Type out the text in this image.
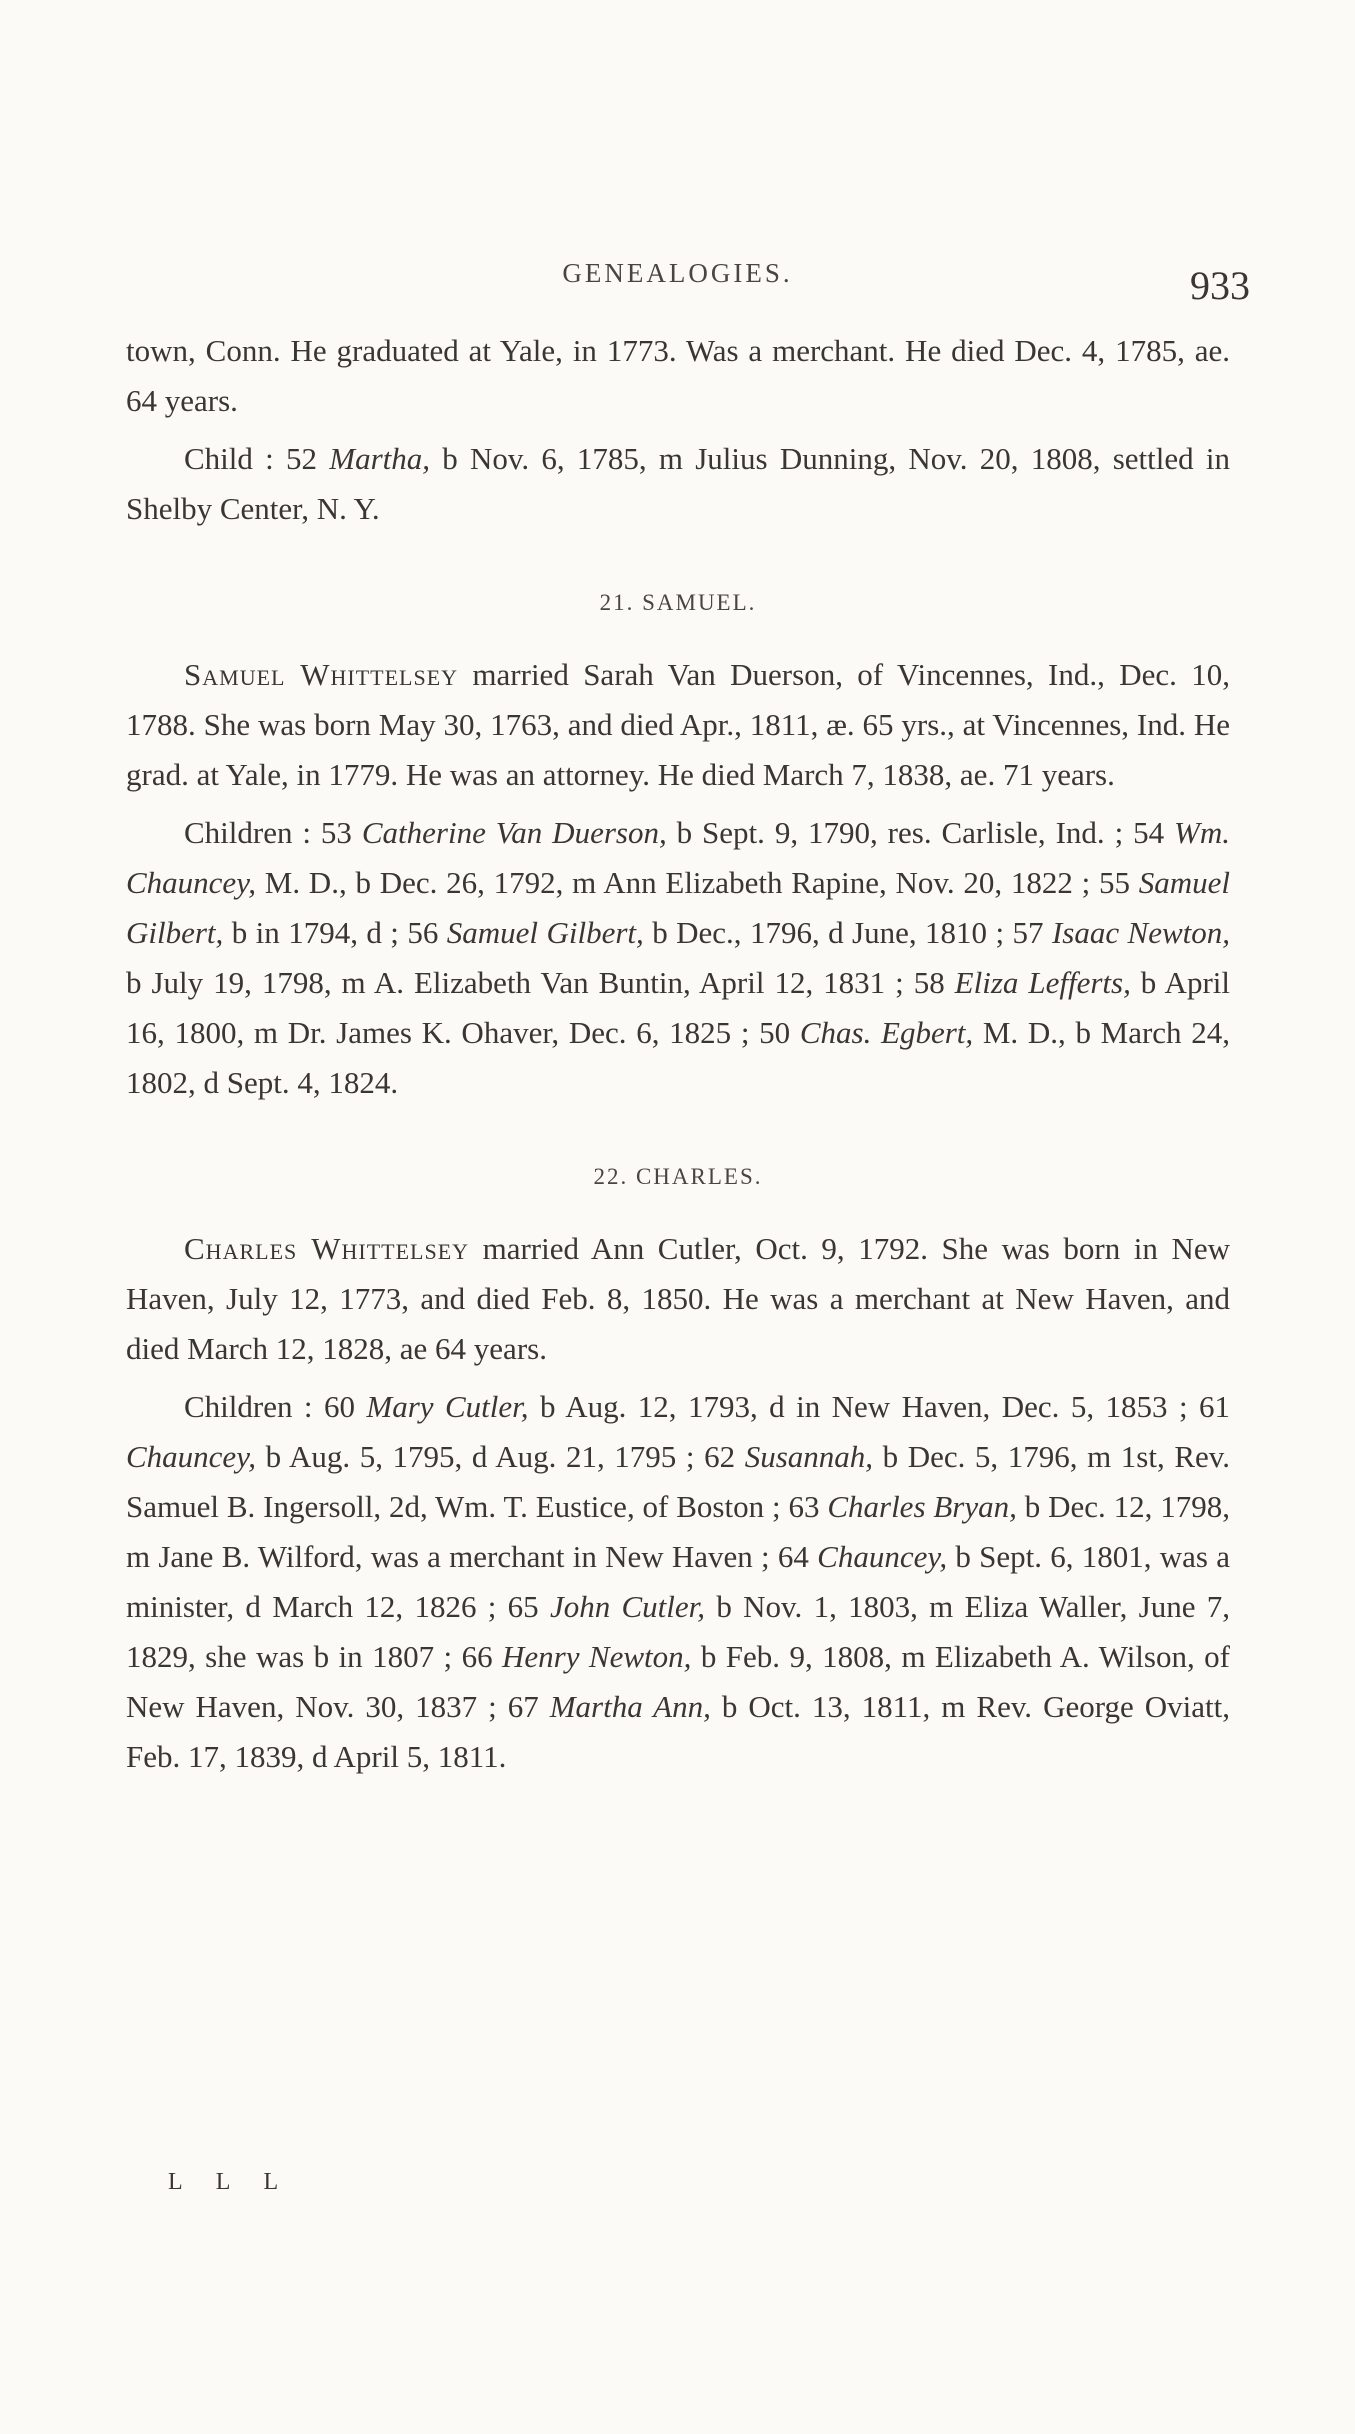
GENEALOGIES.	933

town, Conn. He graduated at Yale, in 1773. Was a merchant. He died Dec. 4, 1785, ae. 64 years.

Child : 52 Martha, b Nov. 6, 1785, m Julius Dunning, Nov. 20, 1808, settled in Shelby Center, N. Y.

21. SAMUEL.

Samuel Whittelsey married Sarah Van Duerson, of Vincennes, Ind., Dec. 10, 1788. She was born May 30, 1763, and died Apr., 1811, æ. 65 yrs., at Vincennes, Ind. He grad. at Yale, in 1779. He was an attorney. He died March 7, 1838, ae. 71 years.

Children : 53 Catherine Van Duerson, b Sept. 9, 1790, res. Carlisle, Ind. ; 54 Wm. Chauncey, M. D., b Dec. 26, 1792, m Ann Elizabeth Rapine, Nov. 20, 1822 ; 55 Samuel Gilbert, b in 1794, d ; 56 Samuel Gilbert, b Dec., 1796, d June, 1810 ; 57 Isaac Newton, b July 19, 1798, m A. Elizabeth Van Buntin, April 12, 1831 ; 58 Eliza Lefferts, b April 16, 1800, m Dr. James K. Ohaver, Dec. 6, 1825 ; 50 Chas. Egbert, M. D., b March 24, 1802, d Sept. 4, 1824.

22. CHARLES.

Charles Whittelsey married Ann Cutler, Oct. 9, 1792. She was born in New Haven, July 12, 1773, and died Feb. 8, 1850. He was a merchant at New Haven, and died March 12, 1828, ae 64 years.

Children : 60 Mary Cutler, b Aug. 12, 1793, d in New Haven, Dec. 5, 1853 ; 61 Chauncey, b Aug. 5, 1795, d Aug. 21, 1795 ; 62 Susannah, b Dec. 5, 1796, m 1st, Rev. Samuel B. Ingersoll, 2d, Wm. T. Eustice, of Boston ; 63 Charles Bryan, b Dec. 12, 1798, m Jane B. Wilford, was a merchant in New Haven ; 64 Chauncey, b Sept. 6, 1801, was a minister, d March 12, 1826 ; 65 John Cutler, b Nov. 1, 1803, m Eliza Waller, June 7, 1829, she was b in 1807 ; 66 Henry Newton, b Feb. 9, 1808, m Elizabeth A. Wilson, of New Haven, Nov. 30, 1837 ; 67 Martha Ann, b Oct. 13, 1811, m Rev. George Oviatt, Feb. 17, 1839, d April 5, 1811.

L L L
